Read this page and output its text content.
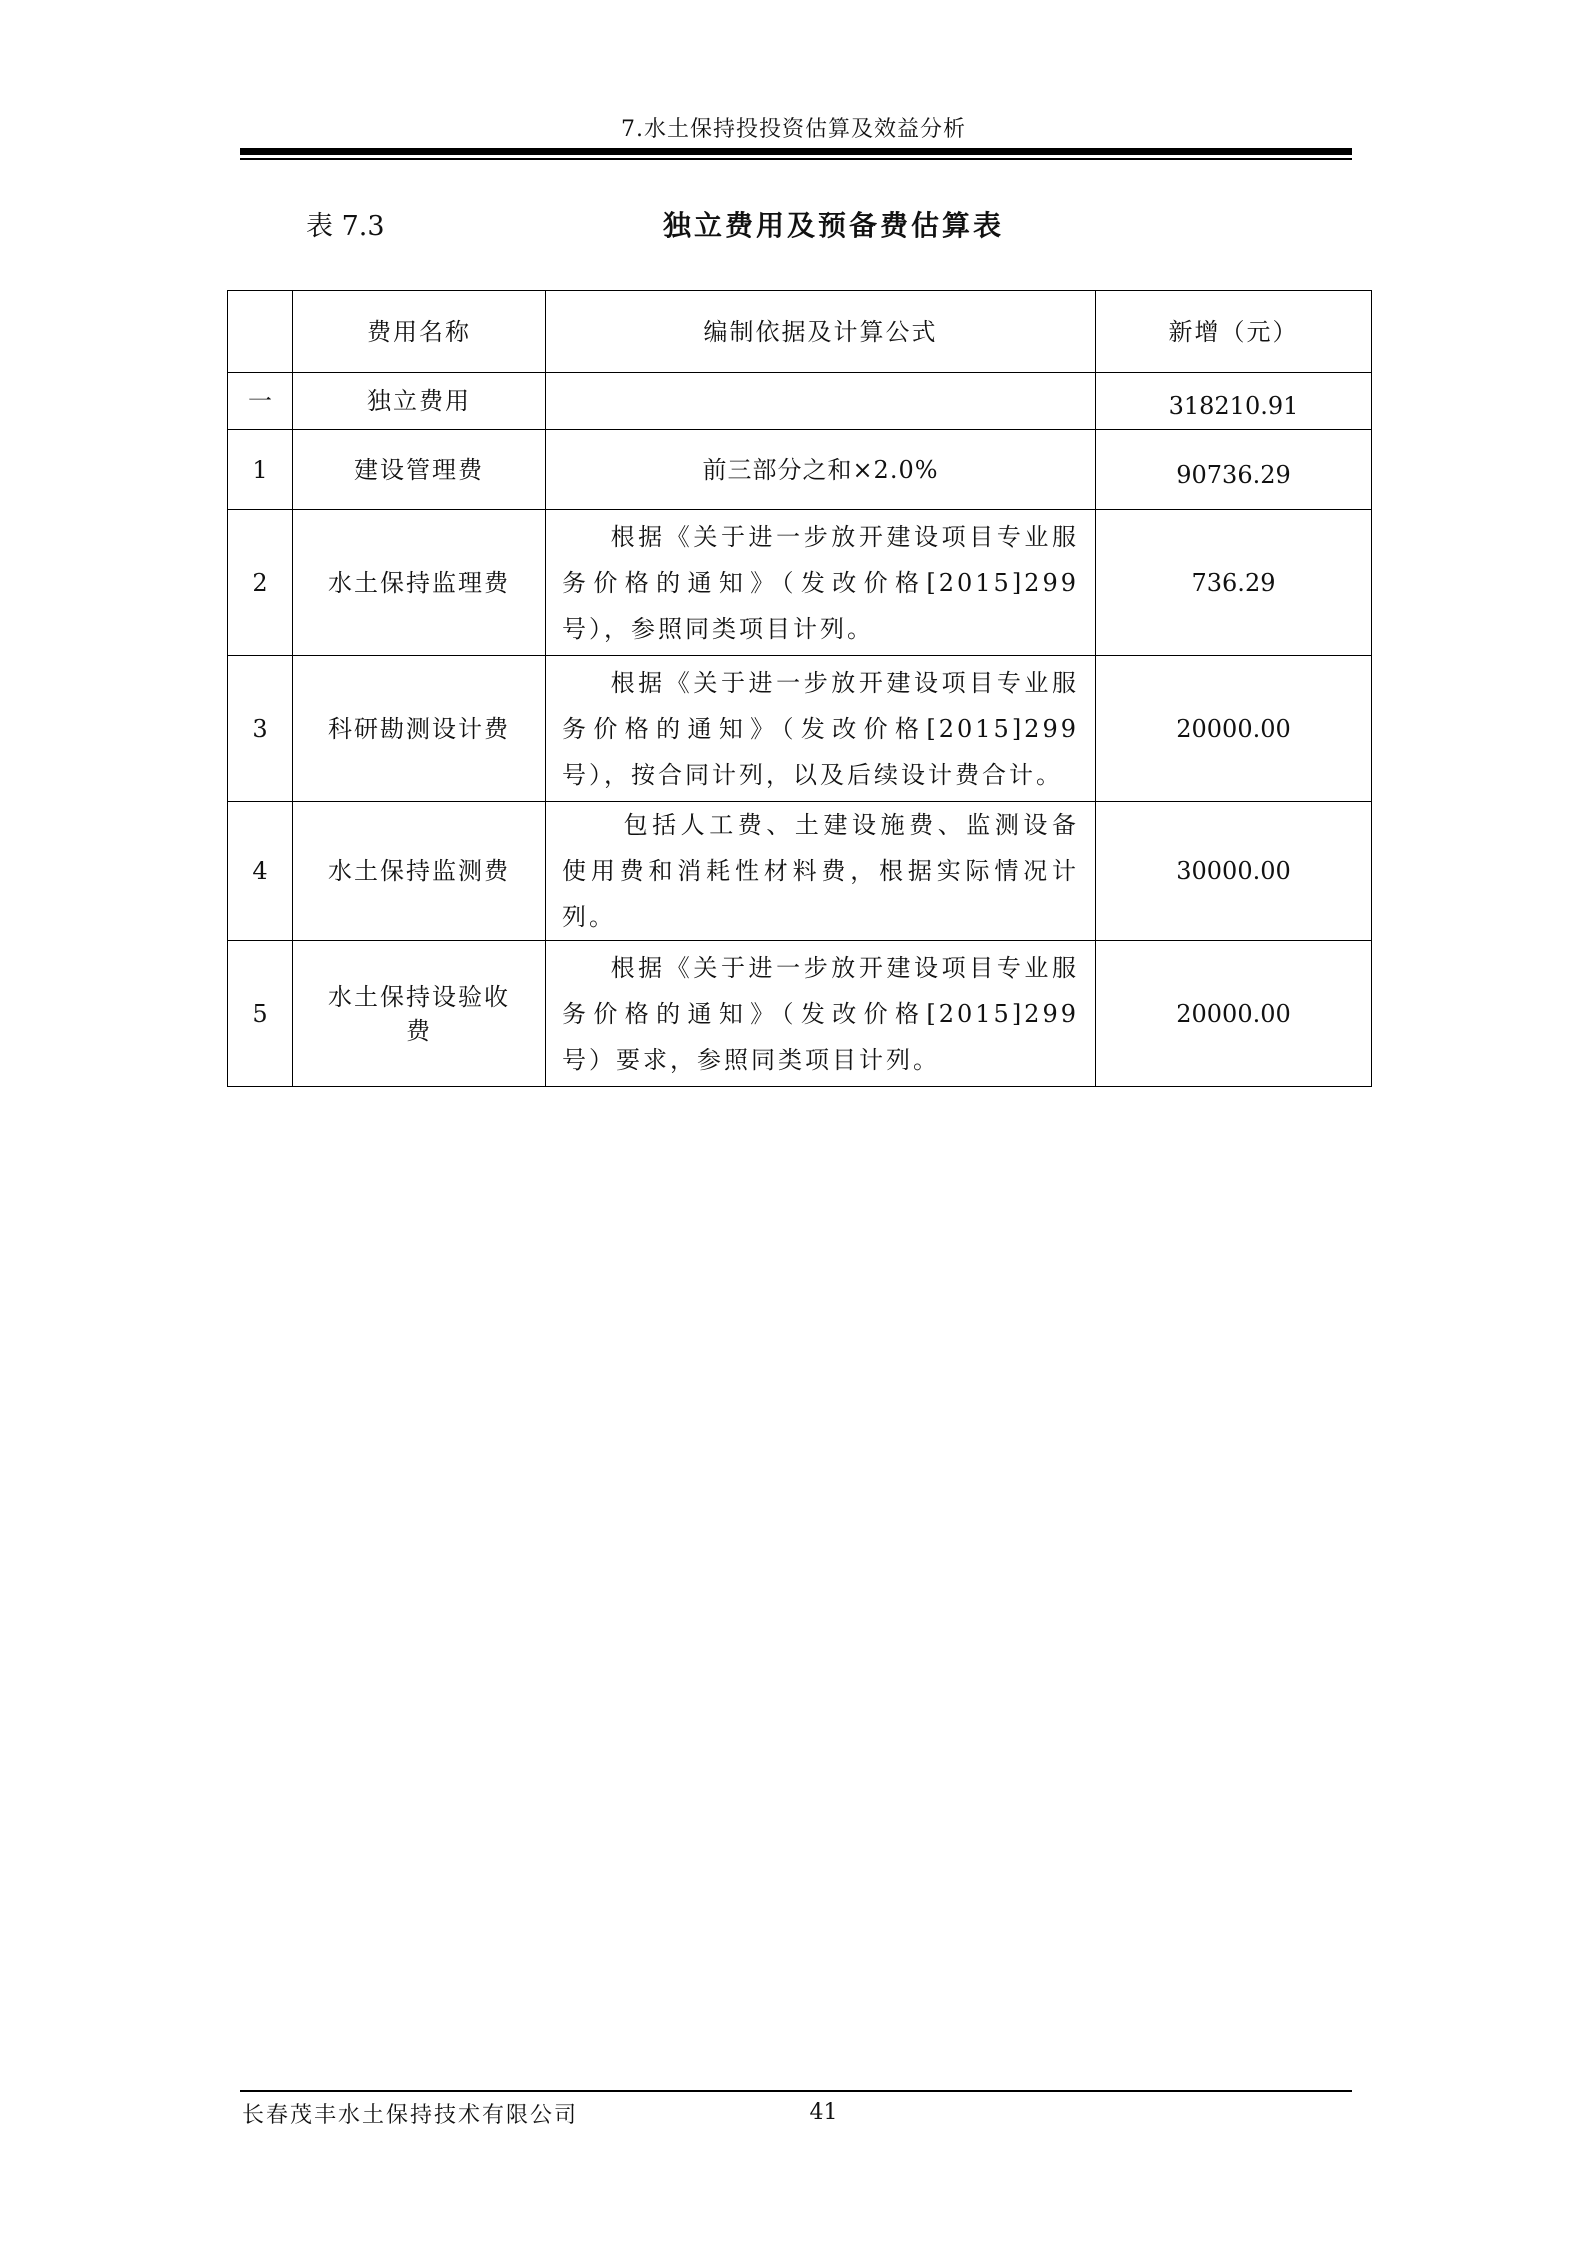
7.水土保持投投资估算及效益分析
表 7.3	独立费用及预备费估算表
	费用名称	编制依据及计算公式	新增（元）
一	独立费用		318210.91
1	建设管理费	前三部分之和×2.0%	90736.29
2	水土保持监理费	根据《关于进一步放开建设项目专业服务价格的通知》（发改价格[2015]299 号），参照同类项目计列。	736.29
3	科研勘测设计费	根据《关于进一步放开建设项目专业服务价格的通知》（发改价格[2015]299 号），按合同计列，以及后续设计费合计。	20000.00
4	水土保持监测费	包括人工费、土建设施费、监测设备使用费和消耗性材料费，根据实际情况计列。	30000.00
5	水土保持设验收费	根据《关于进一步放开建设项目专业服务价格的通知》（发改价格[2015]299 号）要求，参照同类项目计列。	20000.00
长春茂丰水土保持技术有限公司	41
